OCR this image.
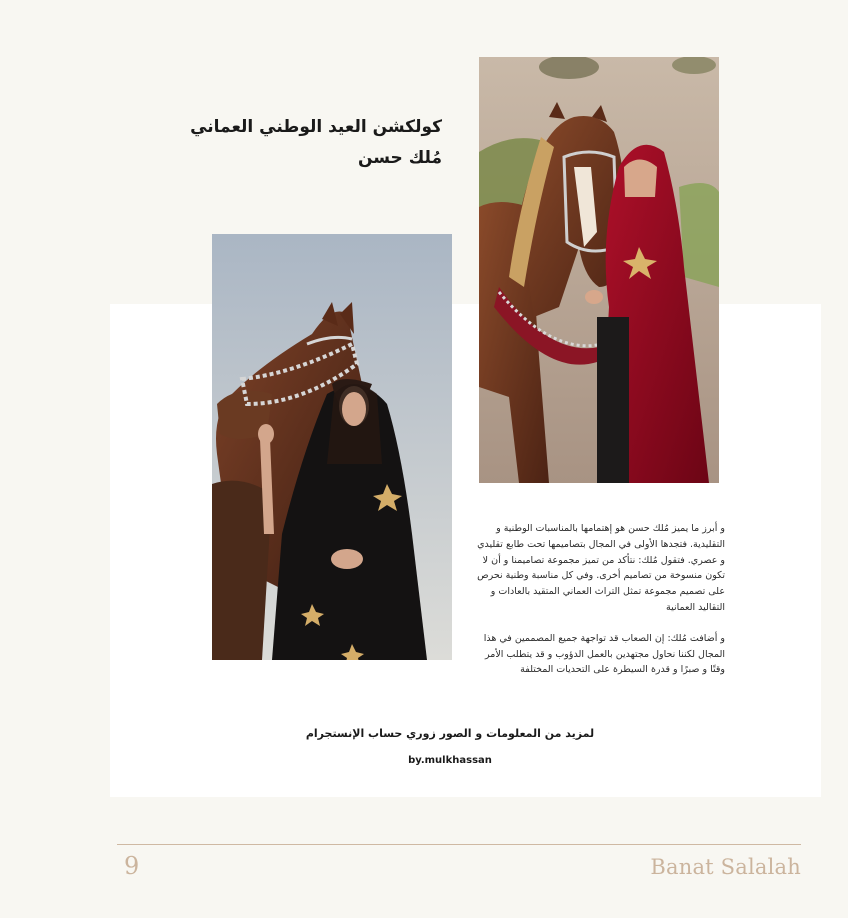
كولكشن العيد الوطني العماني
مُلك حسن

و أبرز ما يميز مُلك حسن هو إهتمامها بالمناسبات الوطنية و التقليدية. فتجدها الأولى في المجال بتصاميمها تحت طابع تقليدي و عصري. فتقول مُلك: نتأكد من تميز مجموعة تصاميمنا و أن لا تكون منسوخة من تصاميم أخرى. وفي كل مناسبة وطنية نحرص على تصميم مجموعة تمثل التراث العماني المتقيد بالعادات و التقاليد العمانية

و أضافت مُلك: إن الصعاب قد تواجهة جميع المصممين في هذا المجال لكننا نحاول مجتهدين بالعمل الدؤوب و قد يتطلب الأمر وقتًا و صبرًا و قدرة السيطرة على التحديات المختلفة

لمزيد من المعلومات و الصور زوري حساب الإنستجرام
by.mulkhassan
9	Banat Salalah
